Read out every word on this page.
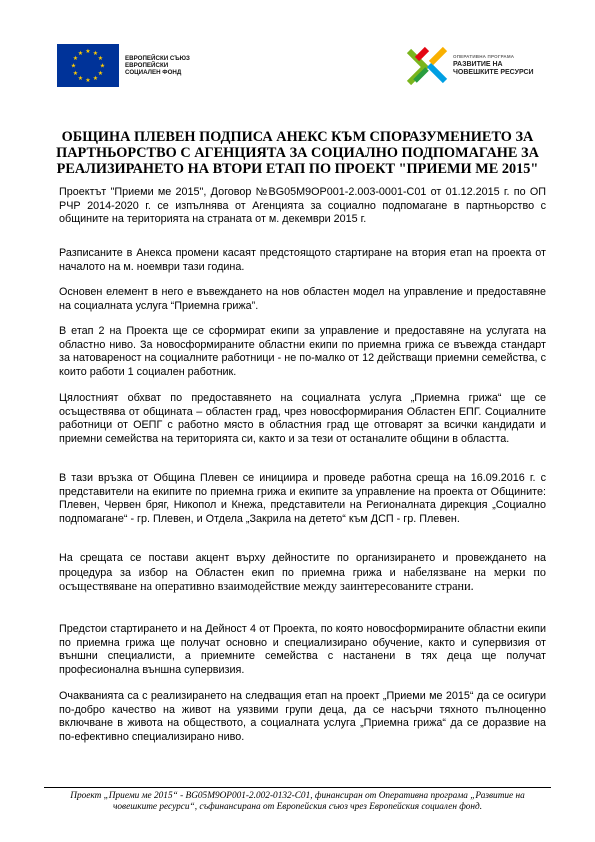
★ ★
★
★
★
★
★
★
★
★
★
★
ЕВРОПЕЙСКИ СЪЮЗ
ЕВРОПЕЙСКИ
СОЦИАЛЕН ФОНД
ОПЕРАТИВНА ПРОГРАМА
РАЗВИТИЕ НА
ЧОВЕШКИТЕ РЕСУРСИ
ОБЩИНА ПЛЕВЕН ПОДПИСА АНЕКС КЪМ СПОРАЗУМЕНИЕТО ЗА ПАРТНЬОРСТВО С АГЕНЦИЯТА ЗА СОЦИАЛНО ПОДПОМАГАНЕ ЗА РЕАЛИЗИРАНЕТО НА ВТОРИ ЕТАП ПО ПРОЕКТ "ПРИЕМИ МЕ 2015"

Проектът "Приеми ме 2015", Договор №BG05M9OP001-2.003-0001-C01 от 01.12.2015 г. по ОП РЧР 2014-2020 г. се изпълнява от Агенцията за социално подпомагане в партньорство с общините на територията на страната от м. декември 2015 г.

Разписаните в Анекса промени касаят предстоящото стартиране на втория етап на проекта от началото на м. ноември тази година.

Основен елемент в него е въвеждането на нов областен модел на управление и предоставяне на социалната услуга “Приемна грижа”.

В етап 2 на Проекта ще се сформират екипи за управление и предоставяне на услугата на областно ниво. За новосформираните областни екипи по приемна грижа се въвежда стандарт за натовареност на социалните работници - не по-малко от 12 действащи приемни семейства, с които работи 1 социален работник.

Цялостният обхват по предоставянето на социалната услуга „Приемна грижа“ ще се осъществява от общината – областен град, чрез новосформирания Областен ЕПГ. Социалните работници от ОЕПГ с работно място в областния град ще отговарят за всички кандидати и приемни семейства на територията си, както и за тези от останалите общини в областта.

В тази връзка от Община Плевен се инициира и проведе работна среща на 16.09.2016 г. с представители на екипите по приемна грижа и екипите за управление на проекта от Общините: Плевен, Червен бряг, Никопол и Кнежа, представители на Регионалната дирекция „Социално подпомагане“ - гр. Плевен, и Отдела „Закрила на детето“ към ДСП - гр. Плевен.

На срещата се постави акцент върху дейностите по организирането и провеждането на процедура за избор на Областен екип по приемна грижа и набелязване на мерки по осъществяване на оперативно взаимодействие между заинтересованите страни.

Предстои стартирането и на Дейност 4 от Проекта, по която новосформираните областни екипи по приемна грижа ще получат основно и специализирано обучение, както и супервизия от външни специалисти, а приемните семейства с настанени в тях деца ще получат професионална външна супервизия.

Очакванията са с реализирането на следващия етап на проект „Приеми ме 2015“ да се осигури по-добро качество на живот на уязвими групи деца, да се насърчи тяхното пълноценно включване в живота на обществото, а социалната услуга „Приемна грижа“ да се доразвие на по-ефективно специализирано ниво.

Проект „Приеми ме 2015“ - BG05M9OP001-2.002-0132-C01, финансиран от Оперативна програма „Развитие на човешките ресурси“, съфинансирана от Европейския съюз чрез Европейския социален фонд.
